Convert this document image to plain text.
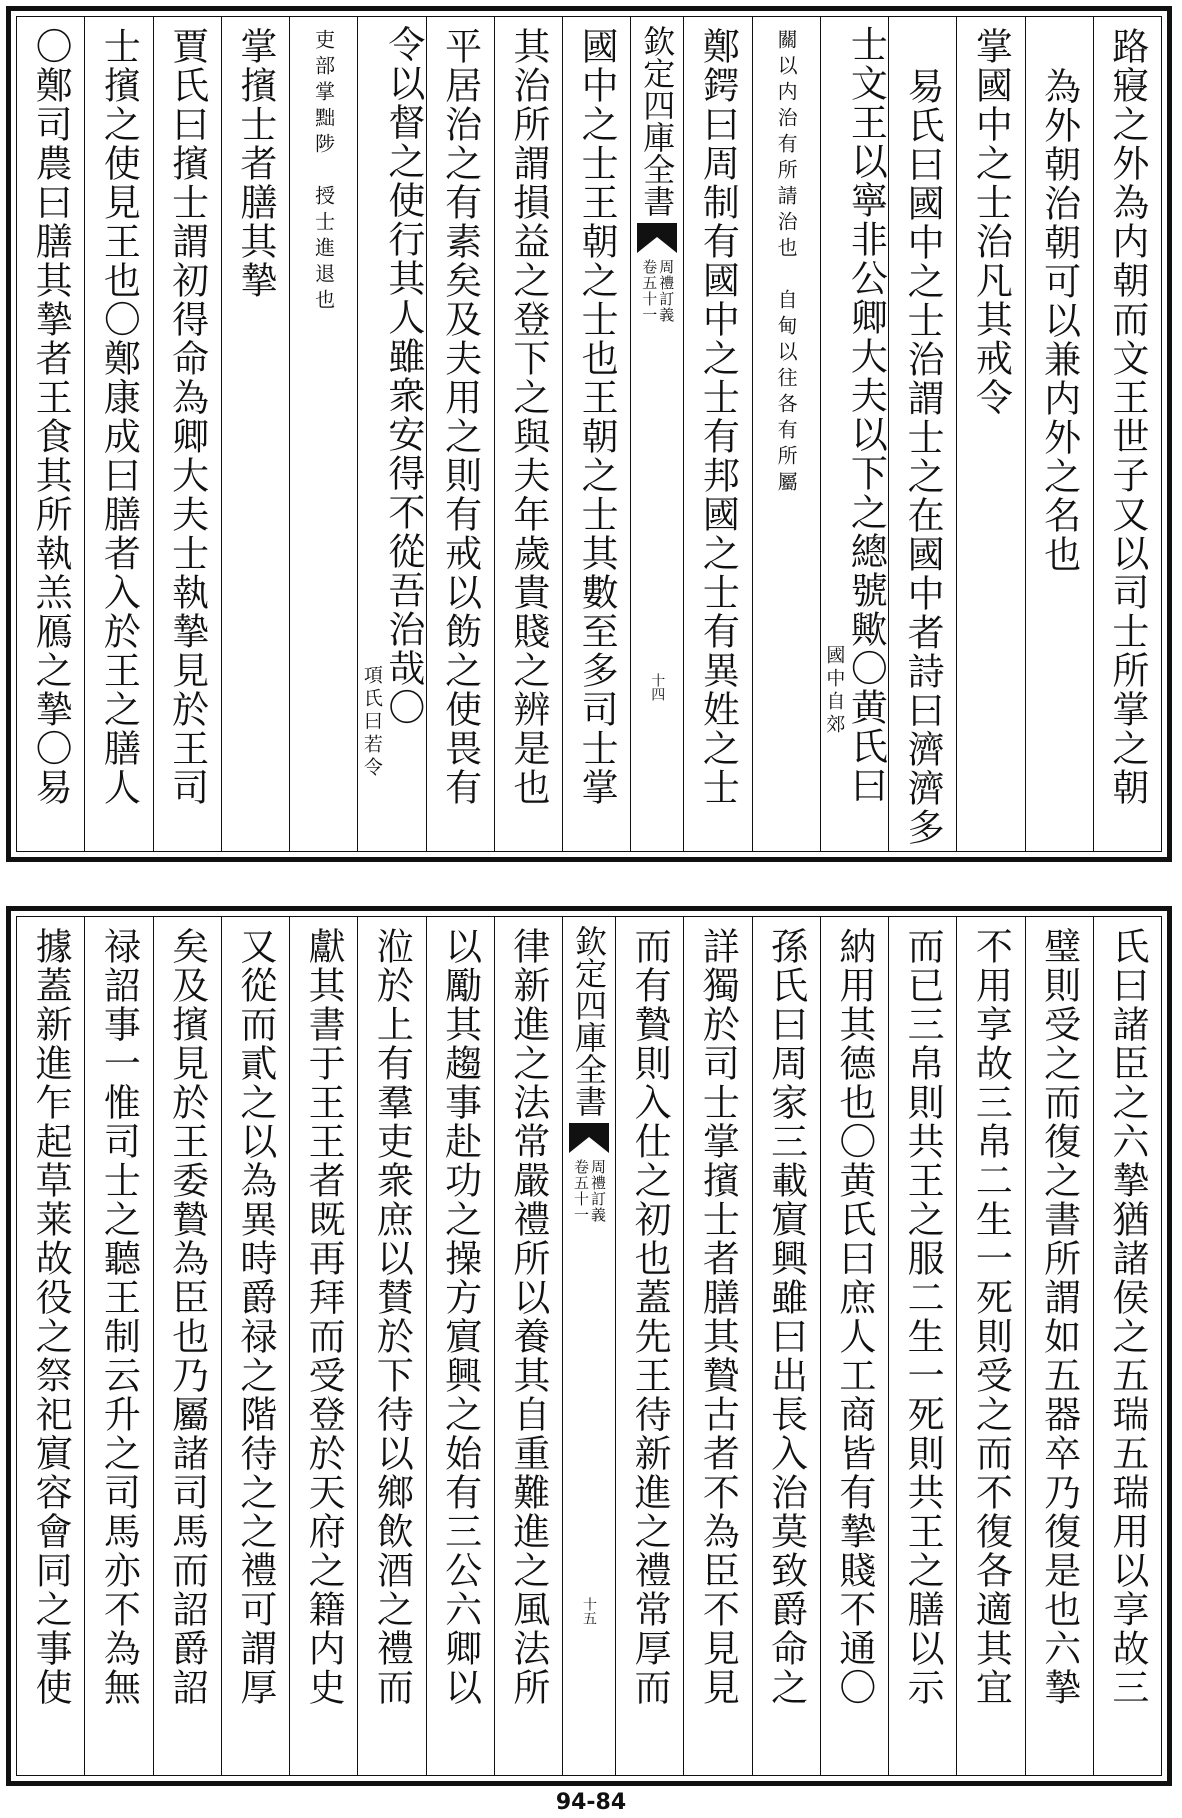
路寢之外為内朝而文王世子又以司士所掌之朝
為外朝治朝可以兼内外之名也
掌國中之士治凡其戒令
易氏曰國中之士治謂士之在國中者詩曰濟濟多
士文王以寧非公卿大夫以下之總號歟〇黄氏曰
國中自郊
關以内治有所請治也　自甸以往各有所屬
鄭鍔曰周制有國中之士有邦國之士有異姓之士
欽定四庫全書
周禮訂義
卷五十一
十四
國中之士王朝之士也王朝之士其數至多司士掌
其治所謂損益之登下之與夫年歲貴賤之辨是也
平居治之有素矣及夫用之則有戒以飭之使畏有
令以督之使行其人雖衆安得不從吾治哉〇
項氏曰若令
吏部掌黜陟　授士進退也
掌擯士者膳其摯
賈氏曰擯士謂初得命為卿大夫士執摯見於王司
士擯之使見王也〇鄭康成曰膳者入於王之膳人
〇鄭司農曰膳其摯者王食其所執羔鴈之摯〇易
氏曰諸臣之六摯猶諸侯之五瑞五瑞用以享故三
璧則受之而復之書所謂如五器卒乃復是也六摯
不用享故三帛二生一死則受之而不復各適其宜
而已三帛則共王之服二生一死則共王之膳以示
納用其德也〇黄氏曰庶人工商皆有摯賤不通〇
孫氏曰周家三載賔興雖曰出長入治莫致爵命之
詳獨於司士掌擯士者膳其贄古者不為臣不見見
而有贄則入仕之初也蓋先王待新進之禮常厚而
欽定四庫全書
周禮訂義
卷五十一
十五
律新進之法常嚴禮所以養其自重難進之風法所
以勵其趨事赴功之操方賔興之始有三公六卿以
涖於上有羣吏衆庶以賛於下待以鄉飲酒之禮而
獻其書于王王者既再拜而受登於天府之籍内史
又從而貳之以為異時爵禄之階待之之禮可謂厚
矣及擯見於王委贄為臣也乃屬諸司馬而詔爵詔
禄詔事一惟司士之聽王制云升之司馬亦不為無
據蓋新進乍起草莱故役之祭祀賔容會同之事使
94-84
